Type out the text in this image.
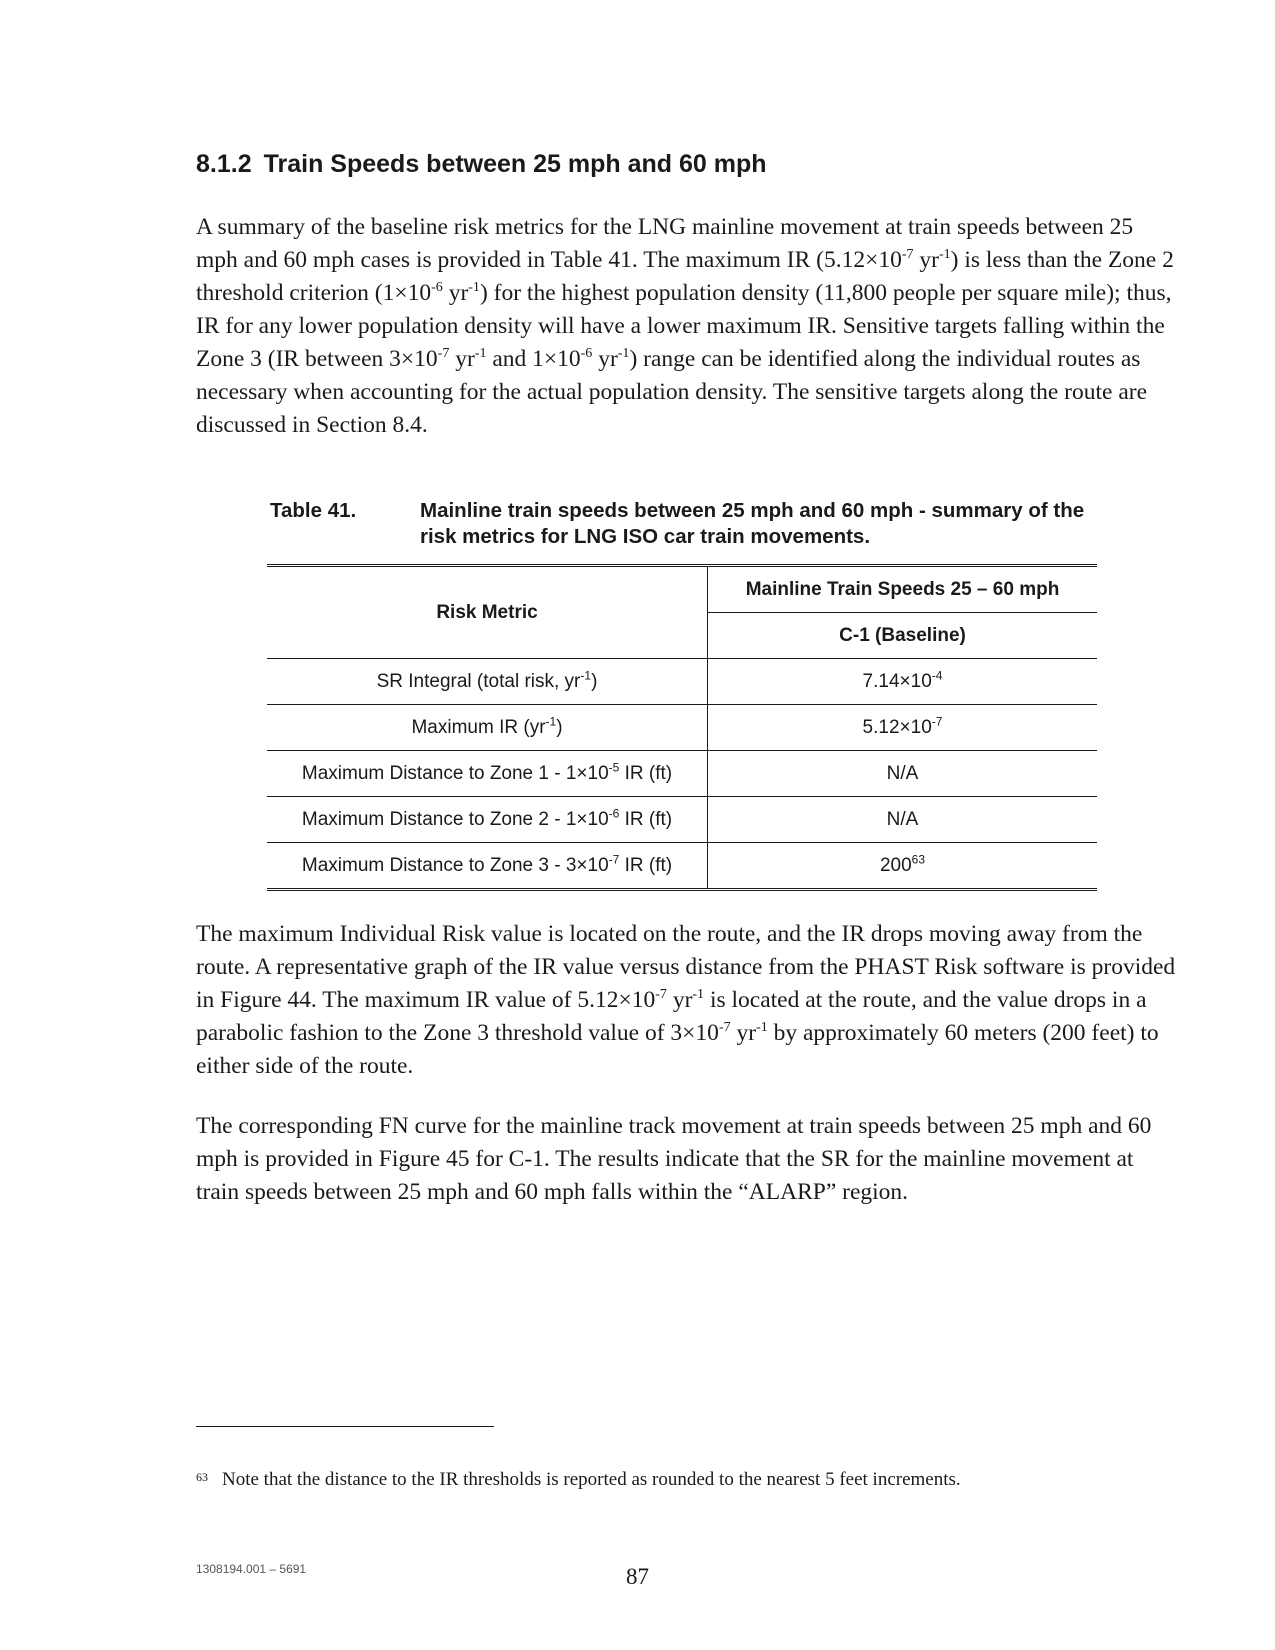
8.1.2 Train Speeds between 25 mph and 60 mph

A summary of the baseline risk metrics for the LNG mainline movement at train speeds between 25 mph and 60 mph cases is provided in Table 41. The maximum IR ($5.12\times 10^{-7}$ $yr^{-1}$) is less than the Zone 2 threshold criterion ($1\times 10^{-6}$ $yr^{-1}$) for the highest population density (11,800 people per square mile); thus, IR for any lower population density will have a lower maximum IR. Sensitive targets falling within the Zone 3 (IR between $3\times 10^{-7}$ $yr^{-1}$ and $1\times 10^{-6}$ $yr^{-1}$) range can be identified along the individual routes as necessary when accounting for the actual population density. The sensitive targets along the route are discussed in Section 8.4.

Table 41.	Mainline train speeds between 25 mph and 60 mph - summary of the risk metrics for LNG ISO car train movements.
Risk Metric	Mainline Train Speeds 25 – 60 mph
	C-1 (Baseline)
SR Integral (total risk, $yr^{-1}$)	$7.14\times 10^{-4}$
Maximum IR $(yr^{-1})$	$5.12\times 10^{-7}$
Maximum Distance to Zone $1 - 1\times 10^{-5}$ IR (ft)	N/A
Maximum Distance to Zone $2 - 1\times 10^{-6}$ IR (ft)	N/A
Maximum Distance to Zone $3 - 3\times 10^{-7}$ IR (ft)	$200^{63}$

The maximum Individual Risk value is located on the route, and the IR drops moving away from the route. A representative graph of the IR value versus distance from the PHAST Risk software is provided in Figure 44. The maximum IR value of $5.12\times 10^{-7}$ $yr^{-1}$ is located at the route, and the value drops in a parabolic fashion to the Zone 3 threshold value of $3\times 10^{-7}$ $yr^{-1}$ by approximately 60 meters (200 feet) to either side of the route.

The corresponding FN curve for the mainline track movement at train speeds between 25 mph and 60 mph is provided in Figure 45 for C-1. The results indicate that the SR for the mainline movement at train speeds between 25 mph and 60 mph falls within the “ALARP” region.

$^{63}$ Note that the distance to the IR thresholds is reported as rounded to the nearest 5 feet increments.
1308194.001 – 5691	87
